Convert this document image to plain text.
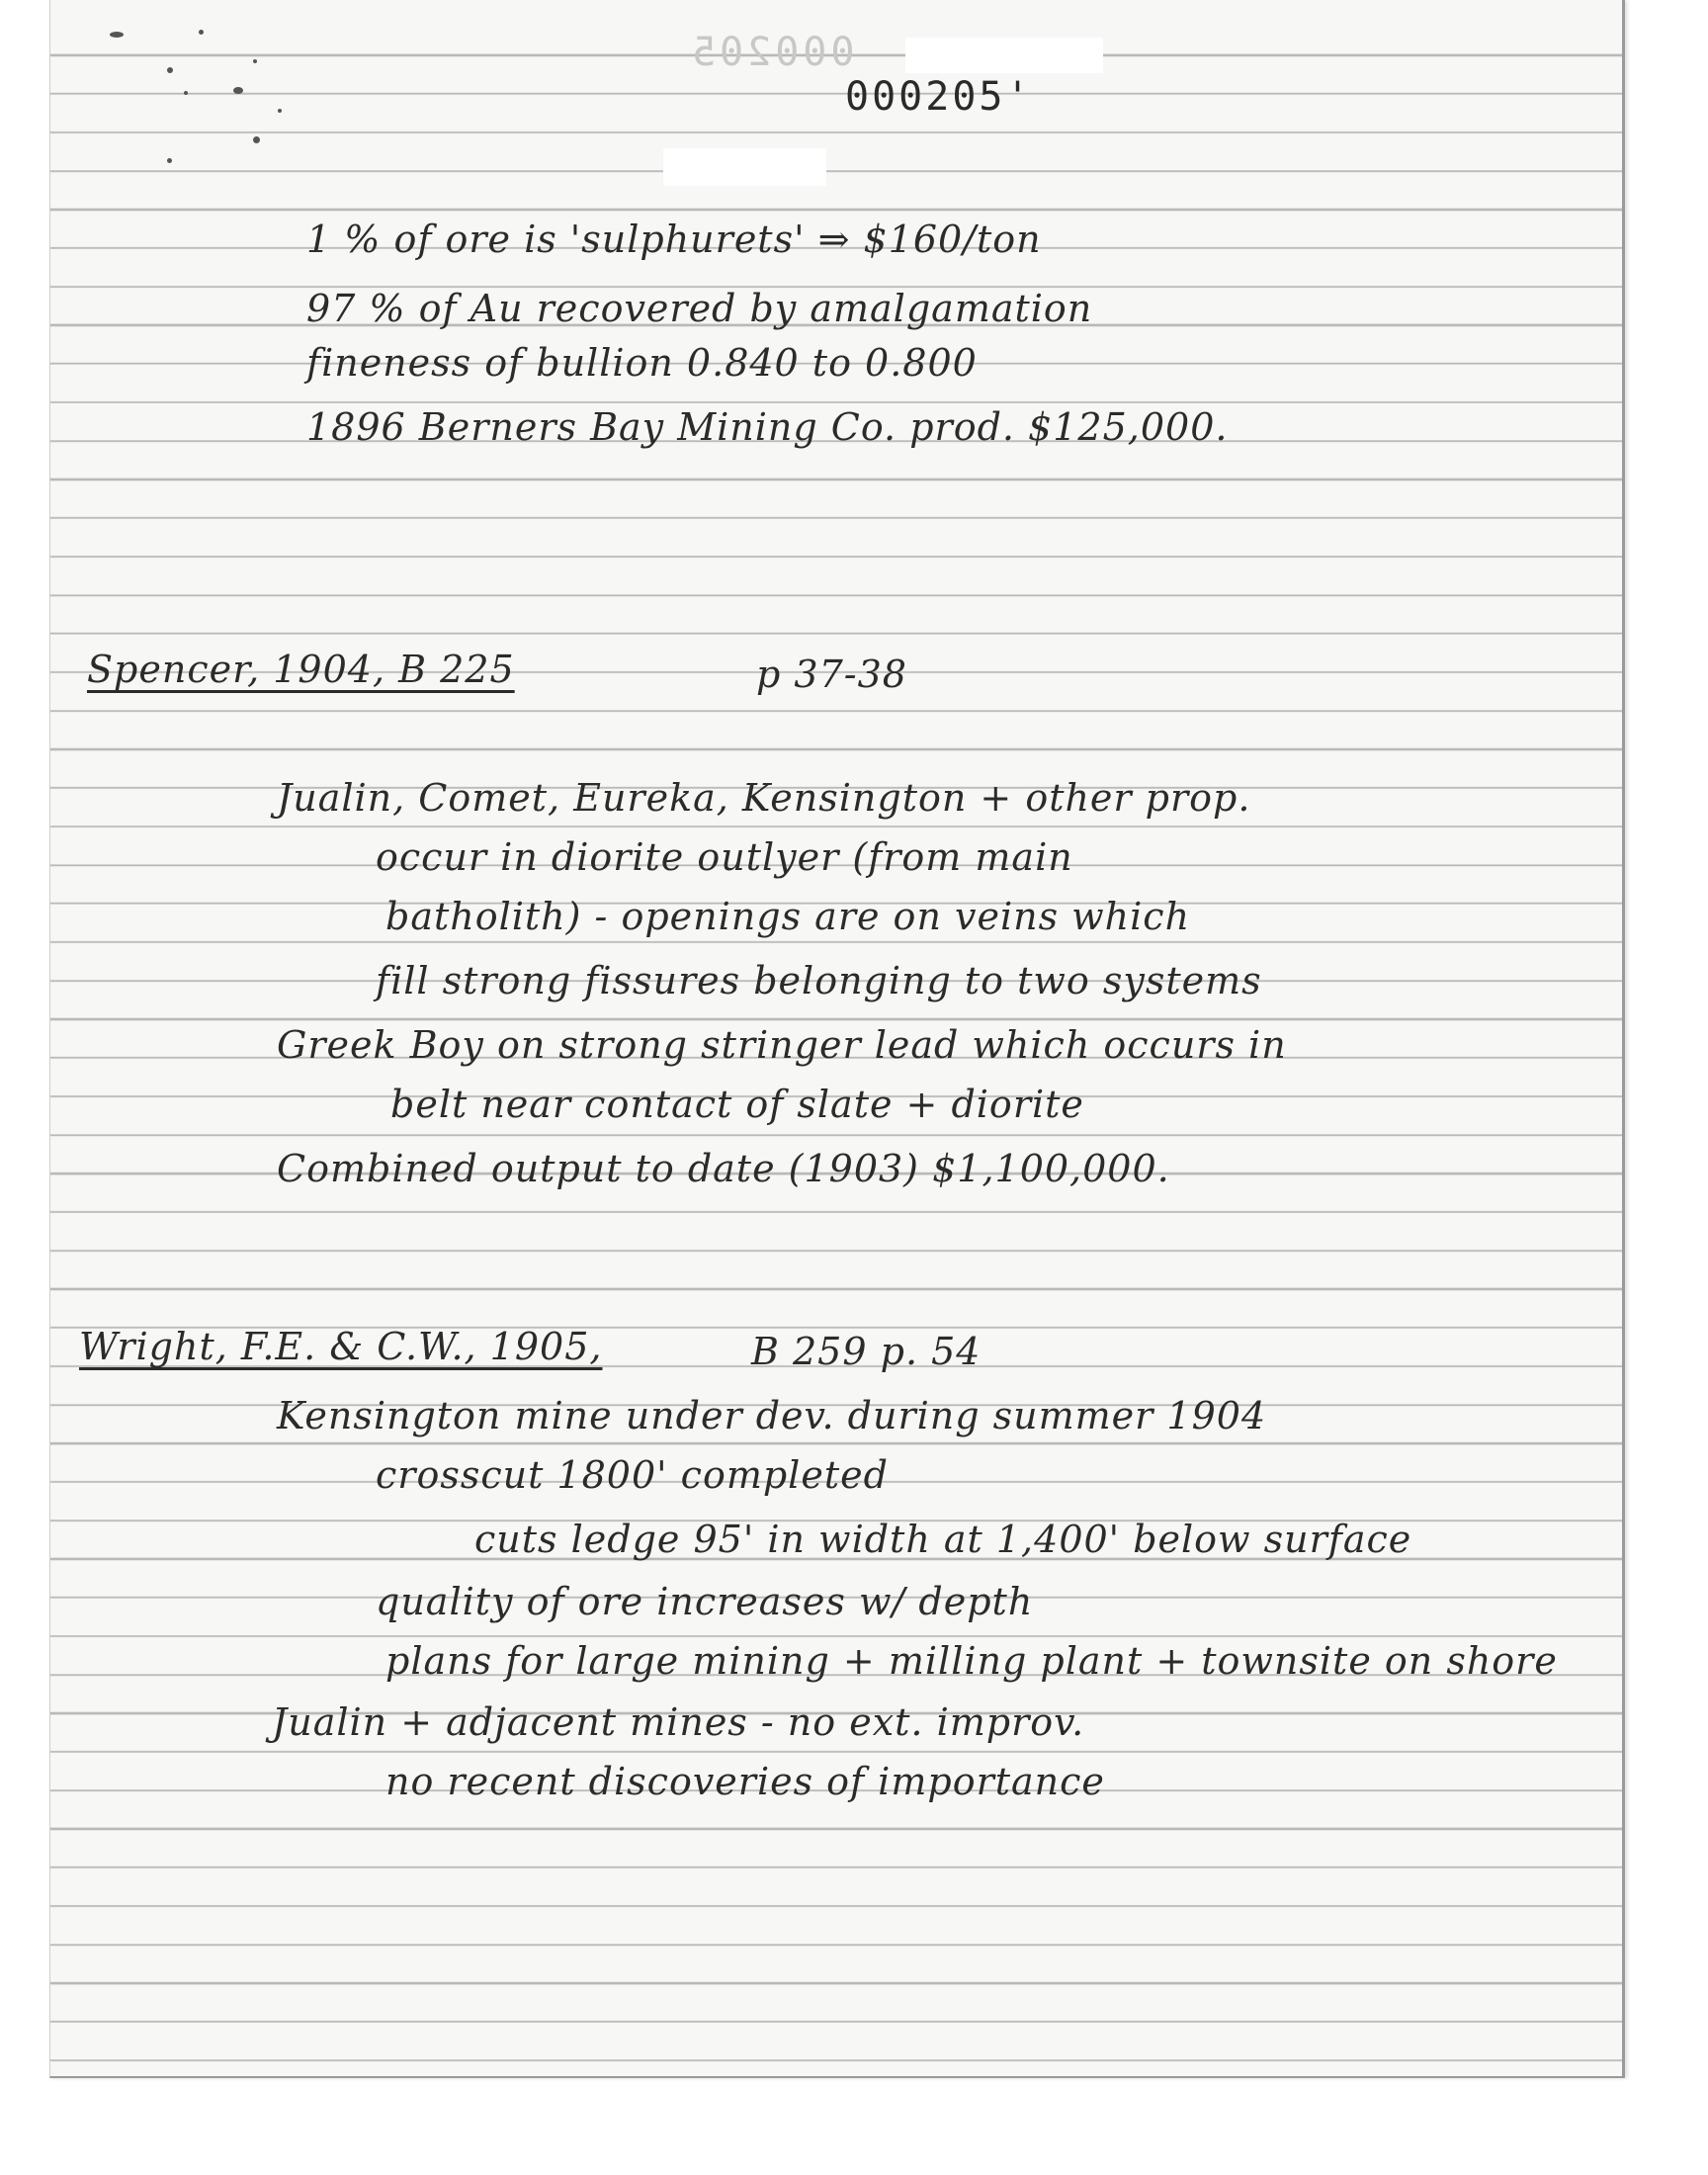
000205
000205'
1 % of ore is 'sulphurets' ⇒ $160/ton
97 % of Au recovered by amalgamation
fineness of bullion 0.840 to 0.800
1896 Berners Bay Mining Co. prod. $125,000.
Spencer, 1904, B 225	p 37-38
Jualin, Comet, Eureka, Kensington + other prop.
occur in diorite outlyer (from main
batholith) - openings are on veins which
fill strong fissures belonging to two systems
Greek Boy on strong stringer lead which occurs in
belt near contact of slate + diorite
Combined output to date (1903) $1,100,000.
Wright, F.E. & C.W., 1905,	B 259 p. 54
Kensington mine under dev. during summer 1904
crosscut 1800' completed
cuts ledge 95' in width at 1,400' below surface
quality of ore increases w/ depth
plans for large mining + milling plant + townsite on shore
Jualin + adjacent mines - no ext. improv.
no recent discoveries of importance
